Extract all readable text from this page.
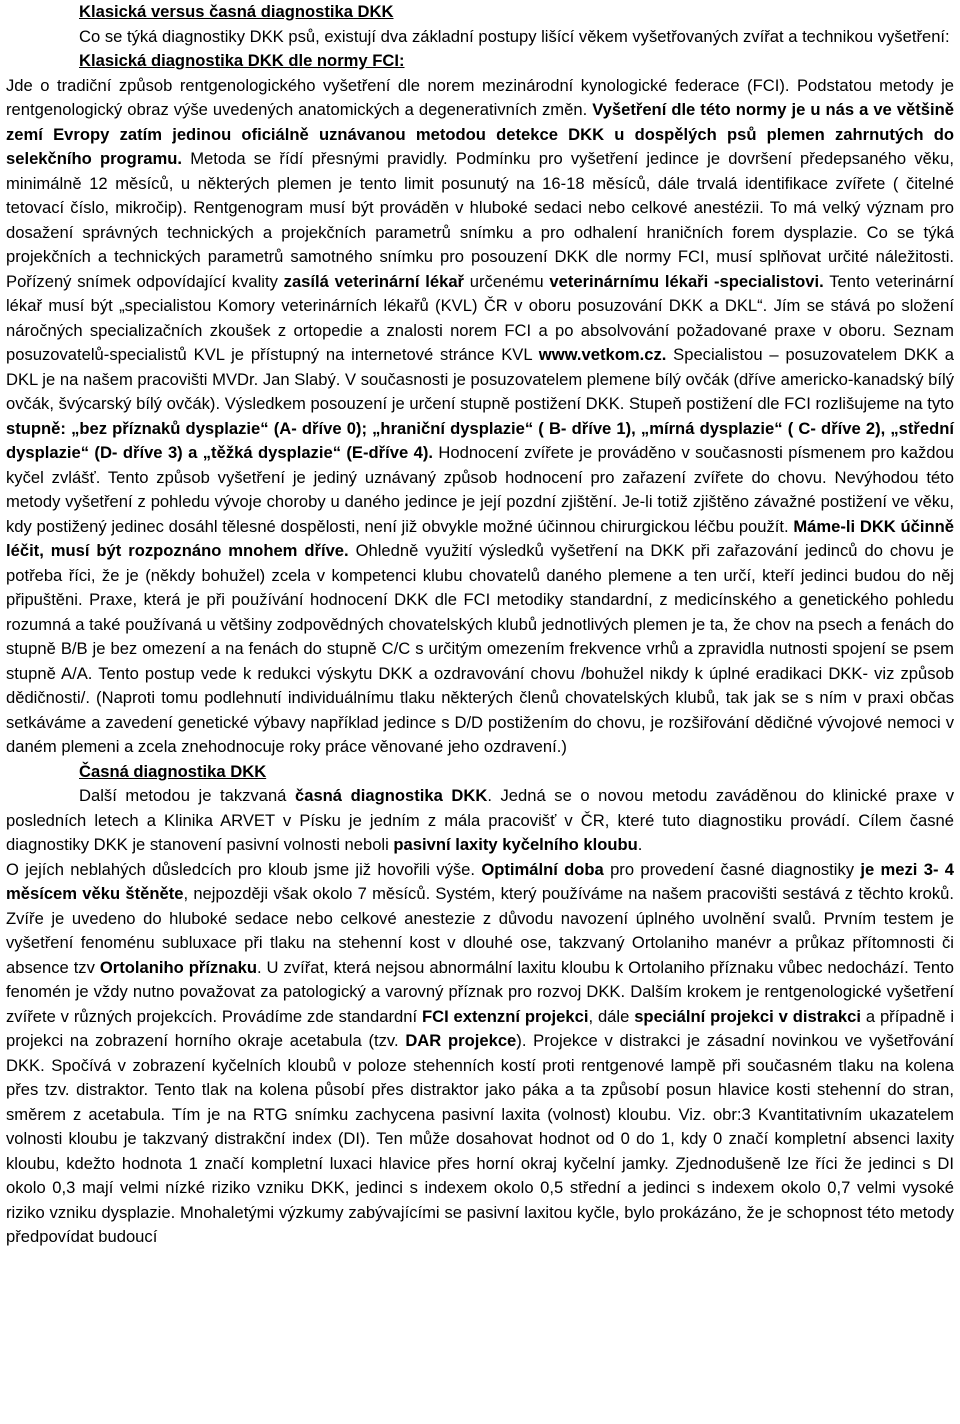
Klasická versus časná diagnostika DKK

Co se týká diagnostiky DKK psů, existují dva základní postupy lišící věkem vyšetřovaných zvířat a technikou vyšetření:

Klasická diagnostika DKK dle normy FCI:

Jde o tradiční způsob rentgenologického vyšetření dle norem mezinárodní kynologické federace (FCI). Podstatou metody je rentgenologický obraz výše uvedených anatomických a degenerativních změn. Vyšetření dle této normy je u nás a ve většině zemí Evropy zatím jedinou oficiálně uznávanou metodou detekce DKK u dospělých psů plemen zahrnutých do selekčního programu. Metoda se řídí přesnými pravidly. Podmínku pro vyšetření jedince je dovršení předepsaného věku, minimálně 12 měsíců, u některých plemen je tento limit posunutý na 16-18 měsíců, dále trvalá identifikace zvířete ( čitelné tetovací číslo, mikročip). Rentgenogram musí být prováděn v hluboké sedaci nebo celkové anestézii. To má velký význam pro dosažení správných technických a projekčních parametrů snímku a pro odhalení hraničních forem dysplazie. Co se týká projekčních a technických parametrů samotného snímku pro posouzení DKK dle normy FCI, musí splňovat určité náležitosti. Pořízený snímek odpovídající kvality zasílá veterinární lékař určenému veterinárnímu lékaři -specialistovi. Tento veterinární lékař musí být „specialistou Komory veterinárních lékařů (KVL) ČR v oboru posuzování DKK a DKL“. Jím se stává po složení náročných specializačních zkoušek z ortopedie a znalosti norem FCI a po absolvování požadované praxe v oboru. Seznam posuzovatelů-specialistů KVL je přístupný na internetové stránce KVL www.vetkom.cz. Specialistou – posuzovatelem DKK a DKL je na našem pracovišti MVDr. Jan Slabý. V současnosti je posuzovatelem plemene bílý ovčák (dříve americko-kanadský bílý ovčák, švýcarský bílý ovčák). Výsledkem posouzení je určení stupně postižení DKK. Stupeň postižení dle FCI rozlišujeme na tyto stupně: „bez příznaků dysplazie“ (A- dříve 0); „hraniční dysplazie“ ( B- dříve 1), „mírná dysplazie“ ( C- dříve 2), „střední dysplazie“ (D- dříve 3) a „těžká dysplazie“ (E-dříve 4). Hodnocení zvířete je prováděno v současnosti písmenem pro každou kyčel zvlášť. Tento způsob vyšetření je jediný uznávaný způsob hodnocení pro zařazení zvířete do chovu. Nevýhodou této metody vyšetření z pohledu vývoje choroby u daného jedince je její pozdní zjištění. Je-li totiž zjištěno závažné postižení ve věku, kdy postižený jedinec dosáhl tělesné dospělosti, není již obvykle možné účinnou chirurgickou léčbu použít. Máme-li DKK účinně léčit, musí být rozpoznáno mnohem dříve. Ohledně využití výsledků vyšetření na DKK při zařazování jedinců do chovu je potřeba říci, že je (někdy bohužel) zcela v kompetenci klubu chovatelů daného plemene a ten určí, kteří jedinci budou do něj připuštěni. Praxe, která je při používání hodnocení DKK dle FCI metodiky standardní, z medicínského a genetického pohledu rozumná a také používaná u většiny zodpovědných chovatelských klubů jednotlivých plemen je ta, že chov na psech a fenách do stupně B/B je bez omezení a na fenách do stupně C/C s určitým omezením frekvence vrhů a zpravidla nutnosti spojení se psem stupně A/A. Tento postup vede k redukci výskytu DKK a ozdravování chovu /bohužel nikdy k úplné eradikaci DKK- viz způsob dědičnosti/. (Naproti tomu podlehnutí individuálnímu tlaku některých členů chovatelských klubů, tak jak se s ním v praxi občas setkáváme a zavedení genetické výbavy například jedince s D/D postižením do chovu, je rozšiřování dědičné vývojové nemoci v daném plemeni a zcela znehodnocuje roky práce věnované jeho ozdravení.)

Časná diagnostika DKK

Další metodou je takzvaná časná diagnostika DKK. Jedná se o novou metodu zaváděnou do klinické praxe v posledních letech a Klinika ARVET v Písku je jedním z mála pracovišť v ČR, které tuto diagnostiku provádí. Cílem časné diagnostiky DKK je stanovení pasivní volnosti neboli pasivní laxity kyčelního kloubu.

O jejích neblahých důsledcích pro kloub jsme již hovořili výše. Optimální doba pro provedení časné diagnostiky je mezi 3- 4 měsícem věku štěněte, nejpozději však okolo 7 měsíců. Systém, který používáme na našem pracovišti sestává z těchto kroků. Zvíře je uvedeno do hluboké sedace nebo celkové anestezie z důvodu navození úplného uvolnění svalů. Prvním testem je vyšetření fenoménu subluxace při tlaku na stehenní kost v dlouhé ose, takzvaný Ortolaniho manévr a průkaz přítomnosti či absence tzv Ortolaniho příznaku. U zvířat, která nejsou abnormální laxitu kloubu k Ortolaniho příznaku vůbec nedochází. Tento fenomén je vždy nutno považovat za patologický a varovný příznak pro rozvoj DKK. Dalším krokem je rentgenologické vyšetření zvířete v různých projekcích. Provádíme zde standardní FCI extenzní projekci, dále speciální projekci v distrakci a případně i projekci na zobrazení horního okraje acetabula (tzv. DAR projekce). Projekce v distrakci je zásadní novinkou ve vyšetřování DKK. Spočívá v zobrazení kyčelních kloubů v poloze stehenních kostí proti rentgenové lampě při současném tlaku na kolena přes tzv. distraktor. Tento tlak na kolena působí přes distraktor jako páka a ta způsobí posun hlavice kosti stehenní do stran, směrem z acetabula. Tím je na RTG snímku zachycena pasivní laxita (volnost) kloubu. Viz. obr:3 Kvantitativním ukazatelem volnosti kloubu je takzvaný distrakční index (DI). Ten může dosahovat hodnot od 0 do 1, kdy 0 značí kompletní absenci laxity kloubu, kdežto hodnota 1 značí kompletní luxaci hlavice přes horní okraj kyčelní jamky. Zjednodušeně lze říci že jedinci s DI okolo 0,3 mají velmi nízké riziko vzniku DKK, jedinci s indexem okolo 0,5 střední a jedinci s indexem okolo 0,7 velmi vysoké riziko vzniku dysplazie. Mnohaletými výzkumy zabývajícími se pasivní laxitou kyčle, bylo prokázáno, že je schopnost této metody předpovídat budoucí
